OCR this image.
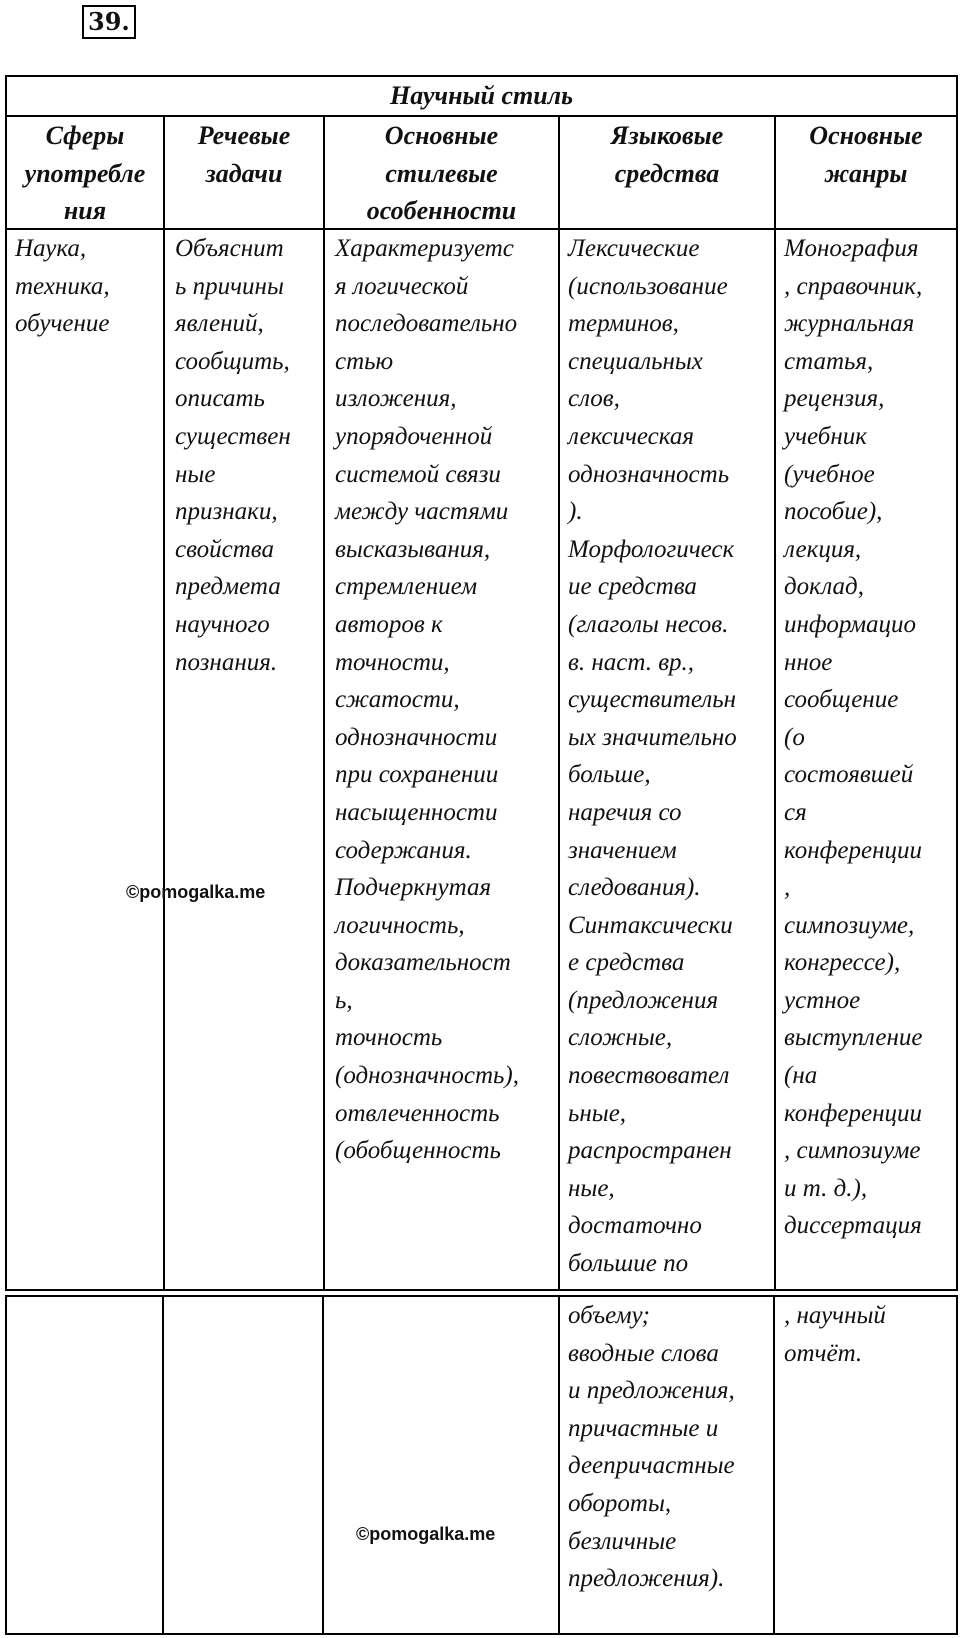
39.
Научный стиль
Сферы
употребле
ния
Речевые
задачи
Основные
стилевые
особенности
Языковые
средства
Основные
жанры
Наука,
техника,
обучение
Объяснит
ь причины
явлений,
сообщить,
описать
существен
ные
признаки,
свойства
предмета
научного
познания.
Характеризуетс
я логической
последовательно
стью
изложения,
упорядоченной
системой связи
между частями
высказывания,
стремлением
авторов к
точности,
сжатости,
однозначности
при сохранении
насыщенности
содержания.
Подчеркнутая
логичность,
доказательност
ь,
точность
(однозначность),
отвлеченность
(обобщенность
Лексические
(использование
терминов,
специальных
слов,
лексическая
однозначность
).
Морфологическ
ие средства
(глаголы несов.
в. наст. вр.,
существительн
ых значительно
больше,
наречия со
значением
следования).
Синтаксически
е средства
(предложения
сложные,
повествовател
ьные,
распространен
ные,
достаточно
большие по
Монография
, справочник,
журнальная
статья,
рецензия,
учебник
(учебное
пособие),
лекция,
доклад,
информацио
нное
сообщение
(о
состоявшей
ся
конференции
,
симпозиуме,
конгрессе),
устное
выступление
(на
конференции
, симпозиуме
и т. д.),
диссертация
объему;
вводные слова
и предложения,
причастные и
деепричастные
обороты,
безличные
предложения).
, научный
отчёт.
©pomogalka.me
©pomogalka.me
